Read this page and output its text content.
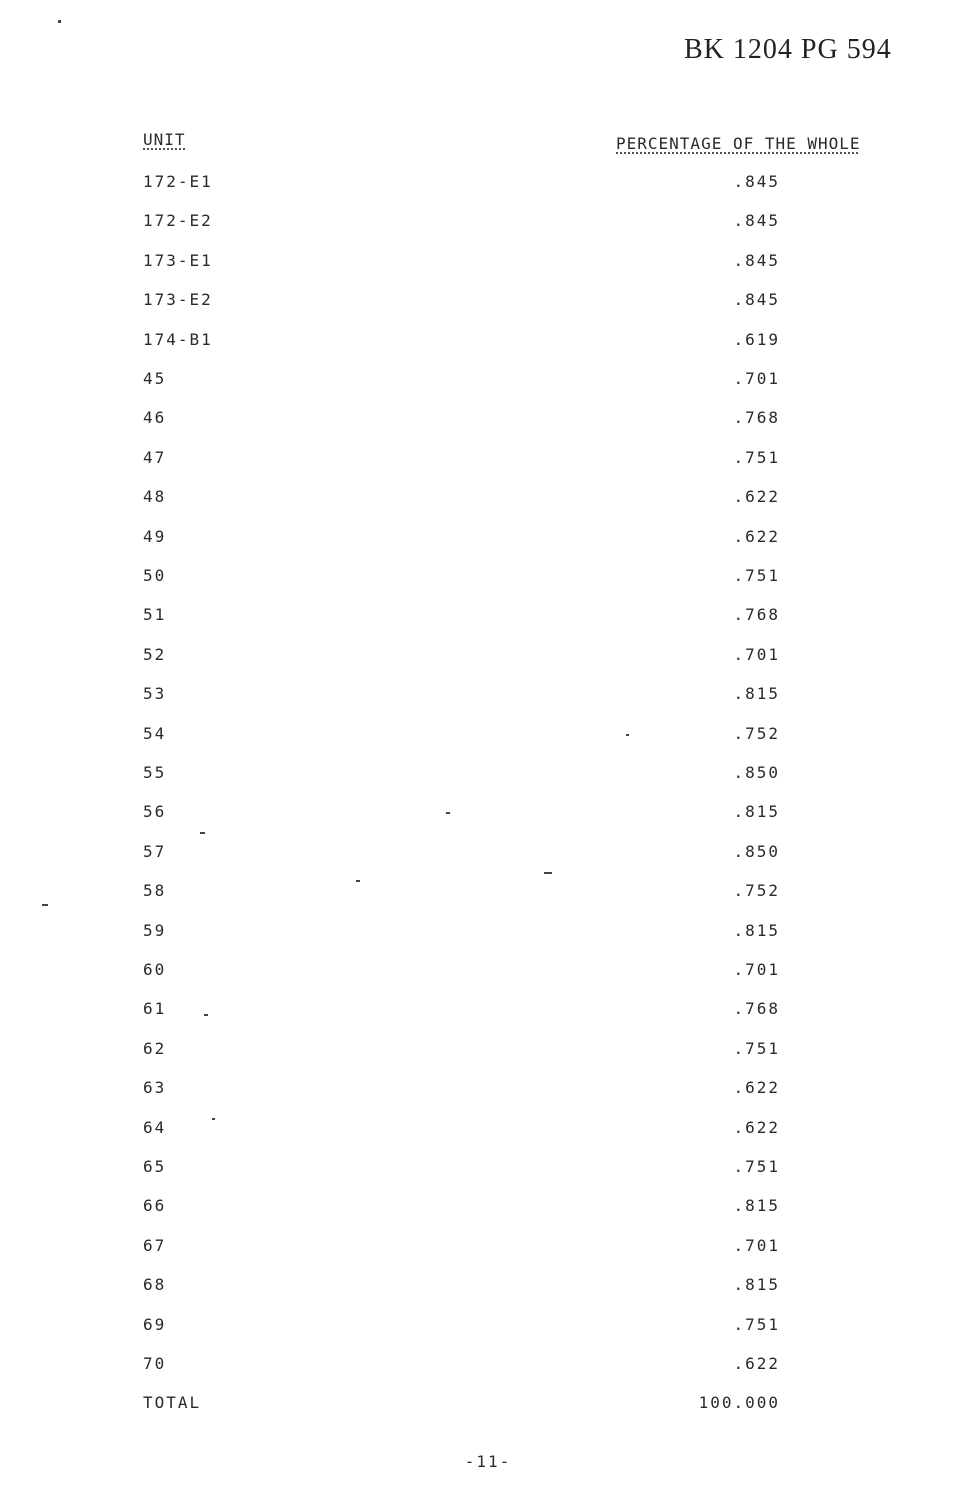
BK 1204 PG 594
UNIT	PERCENTAGE OF THE WHOLE
172-E1	.845
172-E2	.845
173-E1	.845
173-E2	.845
174-B1	.619
45	.701
46	.768
47	.751
48	.622
49	.622
50	.751
51	.768
52	.701
53	.815
54	.752
55	.850
56	.815
57	.850
58	.752
59	.815
60	.701
61	.768
62	.751
63	.622
64	.622
65	.751
66	.815
67	.701
68	.815
69	.751
70	.622
TOTAL	100.000
-11-
